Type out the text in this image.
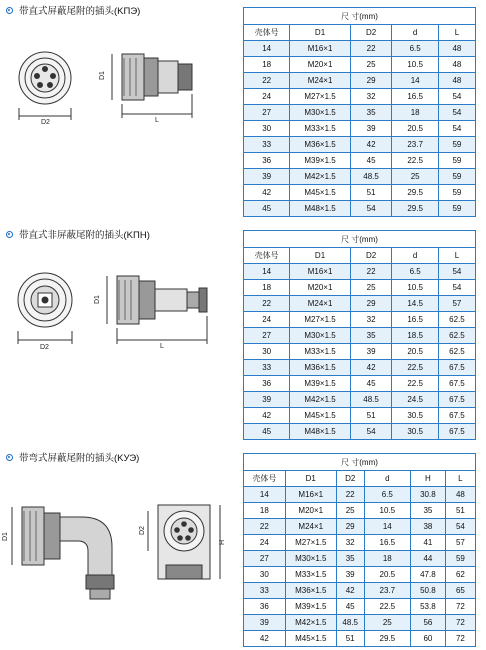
带直式屏蔽尾附的插头(KПЭ)
D2
D1
L
尺 寸(mm)				
壳体号	D1	D2	d	L
14	M16×1	22	6.5	48
18	M20×1	25	10.5	48
22	M24×1	29	14	48
24	M27×1.5	32	16.5	54
27	M30×1.5	35	18	54
30	M33×1.5	39	20.5	54
33	M36×1.5	42	23.7	59
36	M39×1.5	45	22.5	59
39	M42×1.5	48.5	25	59
42	M45×1.5	51	29.5	59
45	M48×1.5	54	29.5	59
带直式非屏蔽尾附的插头(KПН)
D2
D1
L
尺 寸(mm)				
壳体号	D1	D2	d	L
14	M16×1	22	6.5	54
18	M20×1	25	10.5	54
22	M24×1	29	14.5	57
24	M27×1.5	32	16.5	62.5
27	M30×1.5	35	18.5	62.5
30	M33×1.5	39	20.5	62.5
33	M36×1.5	42	22.5	67.5
36	M39×1.5	45	22.5	67.5
39	M42×1.5	48.5	24.5	67.5
42	M45×1.5	51	30.5	67.5
45	M48×1.5	54	30.5	67.5
带弯式屏蔽尾附的插头(KУЭ)
D1
D2
H
尺 寸(mm)					
壳体号	D1	D2	d	H	L
14	M16×1	22	6.5	30.8	48
18	M20×1	25	10.5	35	51
22	M24×1	29	14	38	54
24	M27×1.5	32	16.5	41	57
27	M30×1.5	35	18	44	59
30	M33×1.5	39	20.5	47.8	62
33	M36×1.5	42	23.7	50.8	65
36	M39×1.5	45	22.5	53.8	72
39	M42×1.5	48.5	25	56	72
42	M45×1.5	51	29.5	60	72
